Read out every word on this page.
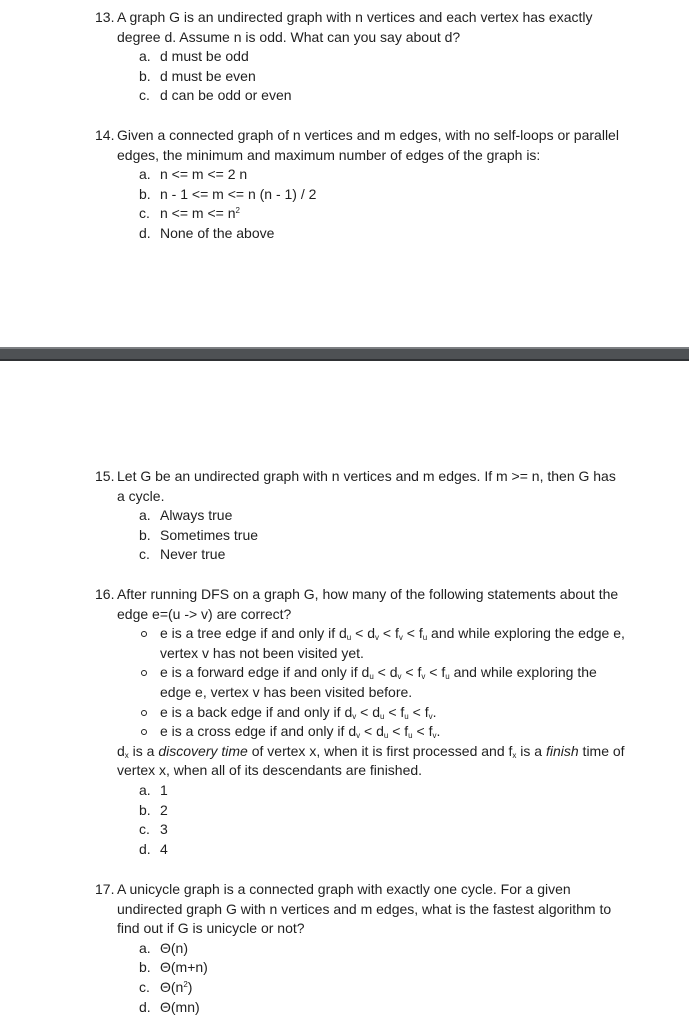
13. A graph G is an undirected graph with n vertices and each vertex has exactly degree d. Assume n is odd. What can you say about d?
a. d must be odd
b. d must be even
c. d can be odd or even
14. Given a connected graph of n vertices and m edges, with no self-loops or parallel edges, the minimum and maximum number of edges of the graph is:
a. n <= m <= 2 n
b. n - 1 <= m <= n (n - 1) / 2
c. $n <= m <= n^2$
d. None of the above
15. Let G be an undirected graph with n vertices and m edges. If m >= n, then G has a cycle.
a. Always true
b. Sometimes true
c. Never true
16. After running DFS on a graph G, how many of the following statements about the edge e=(u -> v) are correct?
e is a tree edge if and only if $d_u < d_v < f_v < f_u$ and while exploring the edge e, vertex v has not been visited yet.
e is a forward edge if and only if $d_u < d_v < f_v < f_u$ and while exploring the edge e, vertex v has been visited before.
e is a back edge if and only if $d_v < d_u < f_u < f_v$.
e is a cross edge if and only if $d_v < d_u < f_u < f_v$.
$d_x$ is a discovery time of vertex x, when it is first processed and $f_x$ is a finish time of vertex x, when all of its descendants are finished.
a. 1
b. 2
c. 3
d. 4
17. A unicycle graph is a connected graph with exactly one cycle. For a given undirected graph G with n vertices and m edges, what is the fastest algorithm to find out if G is unicycle or not?
a. Θ(n)
b. Θ(m+n)
c. $\Theta(n^2)$
d. Θ(mn)
